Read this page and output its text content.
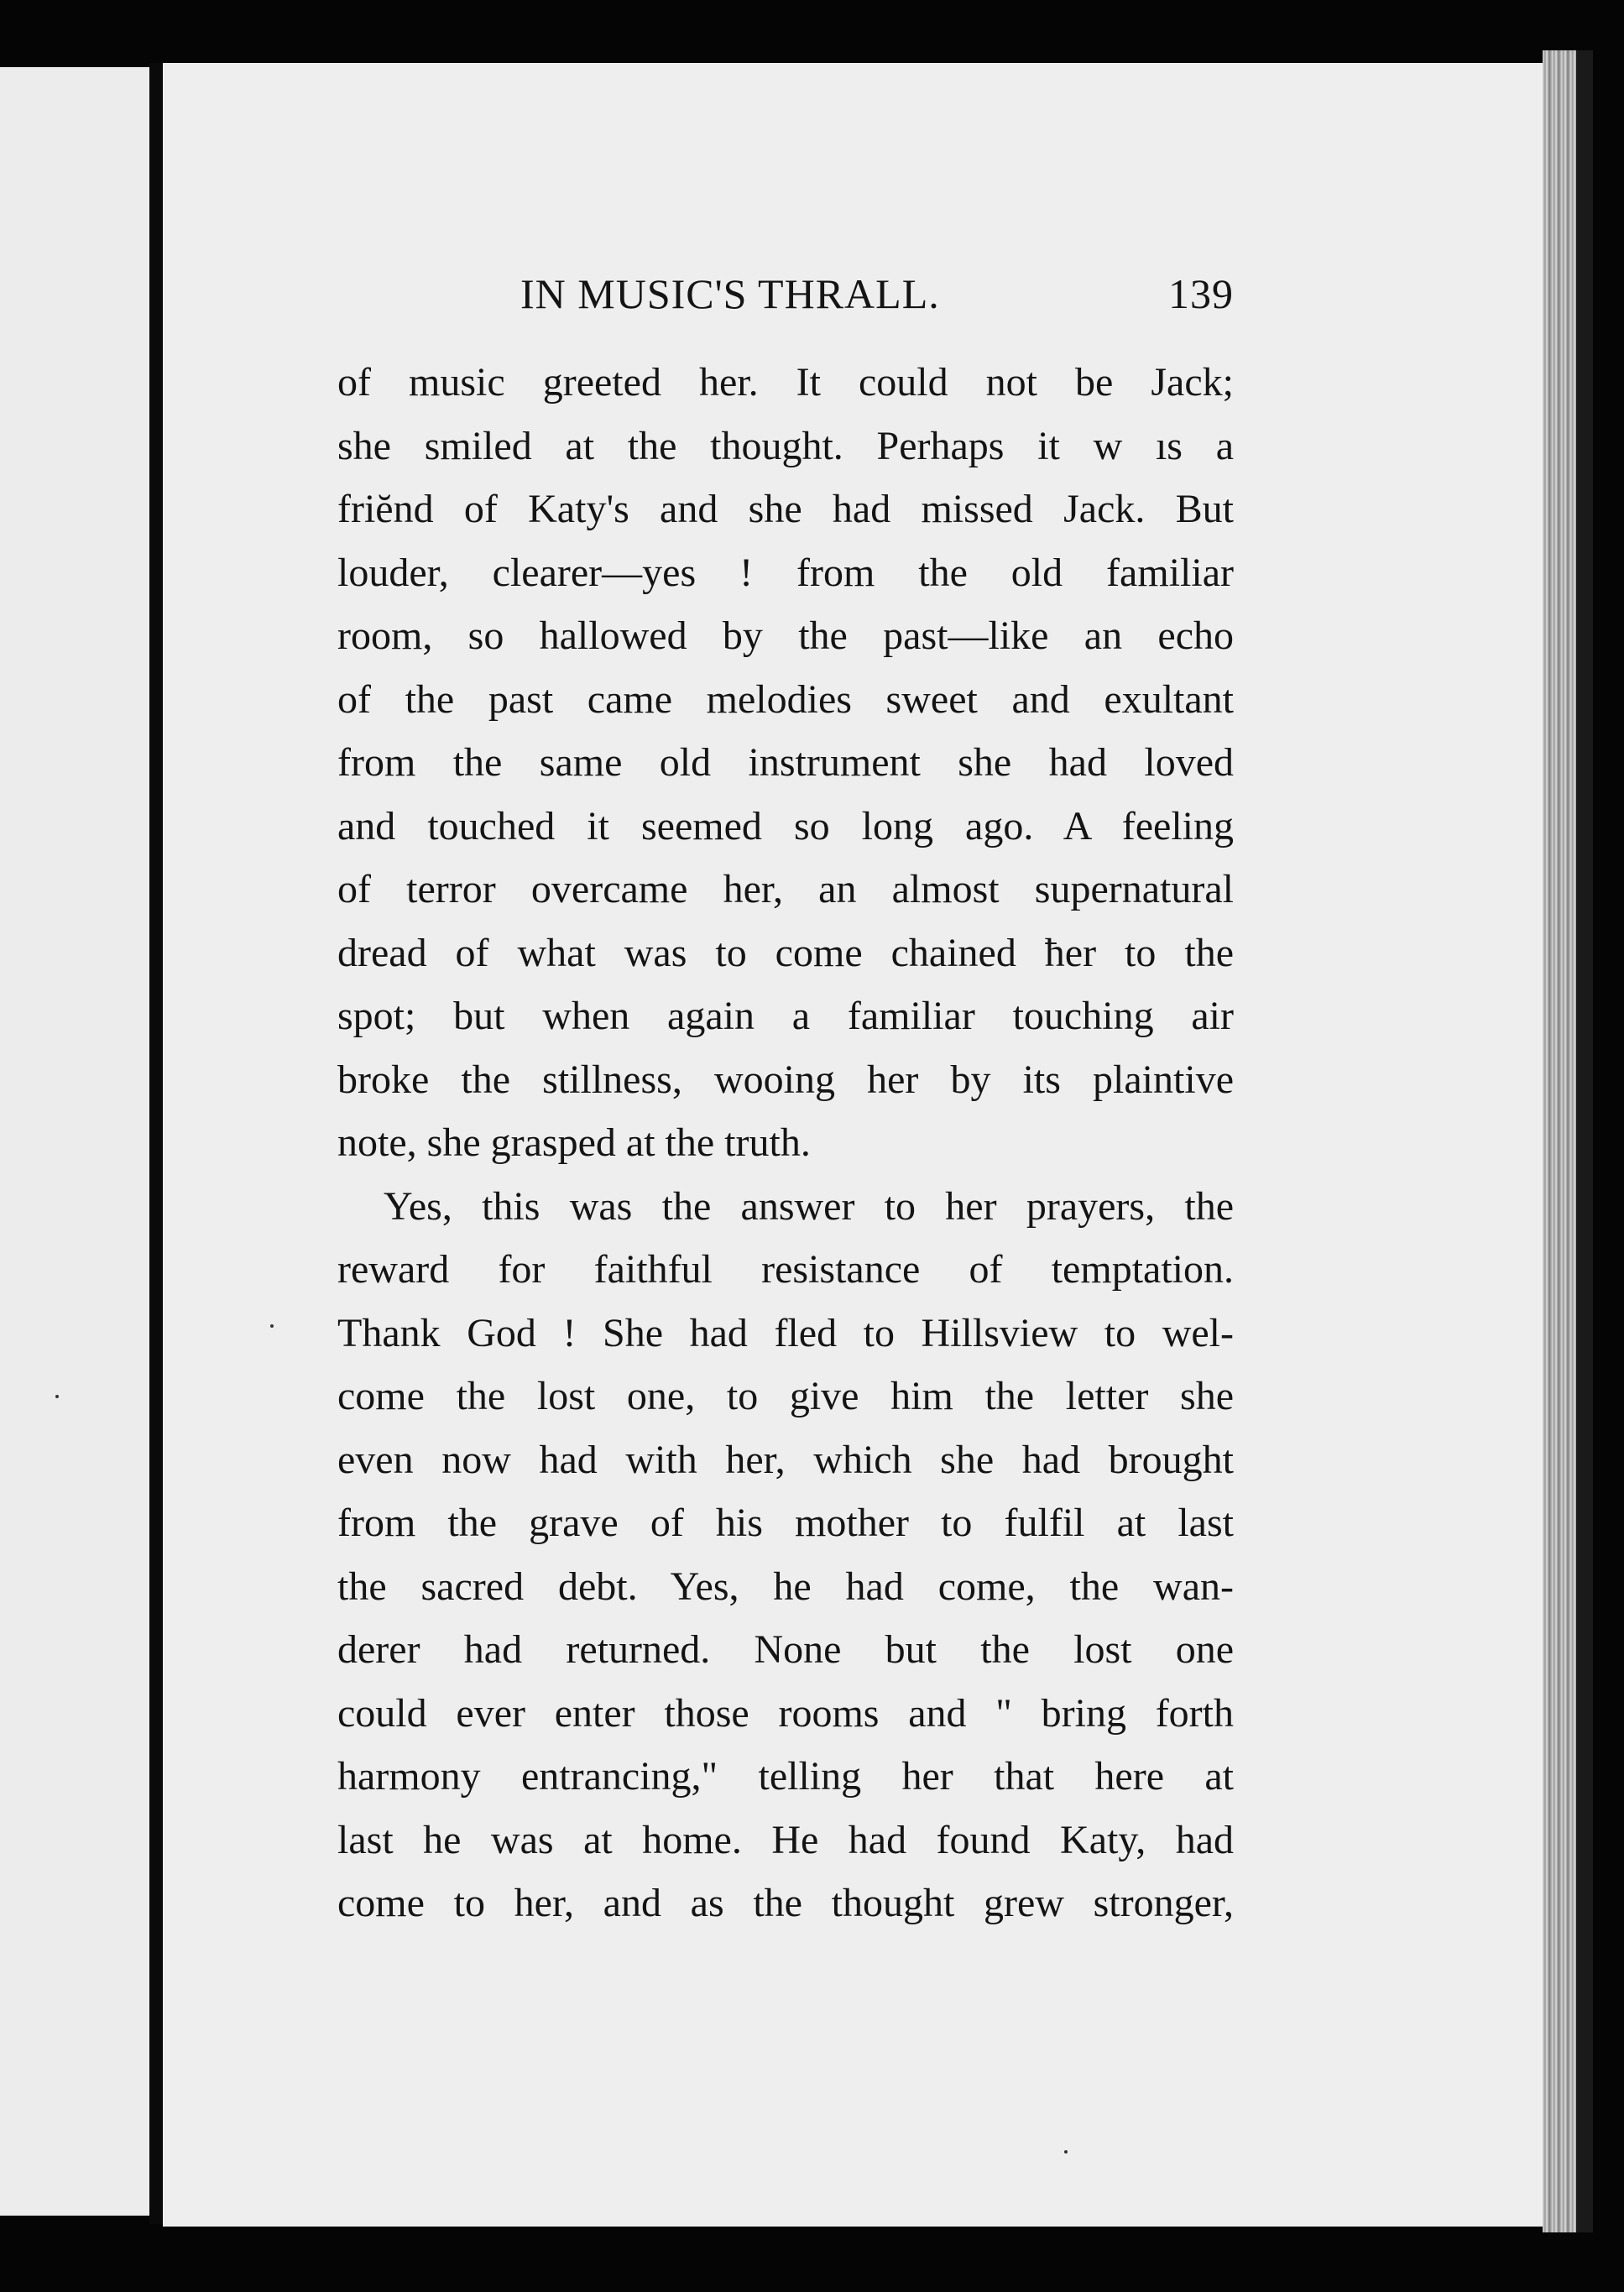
IN MUSIC'S THRALL.	139
of music greeted her. It could not be Jack;
she smiled at the thought. Perhaps it w ıs a
friĕnd of Katy's and she had missed Jack. But
louder, clearer—yes ! from the old familiar
room, so hallowed by the past—like an echo
of the past came melodies sweet and exultant
from the same old instrument she had loved
and touched it seemed so long ago. A feeling
of terror overcame her, an almost supernatural
dread of what was to come chained ħer to the
spot; but when again a familiar touching air
broke the stillness, wooing her by its plaintive
note, she grasped at the truth.
Yes, this was the answer to her prayers, the
reward for faithful resistance of temptation.
Thank God ! She had fled to Hillsview to wel-
come the lost one, to give him the letter she
even now had with her, which she had brought
from the grave of his mother to fulfil at last
the sacred debt. Yes, he had come, the wan-
derer had returned. None but the lost one
could ever enter those rooms and " bring forth
harmony entrancing," telling her that here at
last he was at home. He had found Katy, had
come to her, and as the thought grew stronger,
